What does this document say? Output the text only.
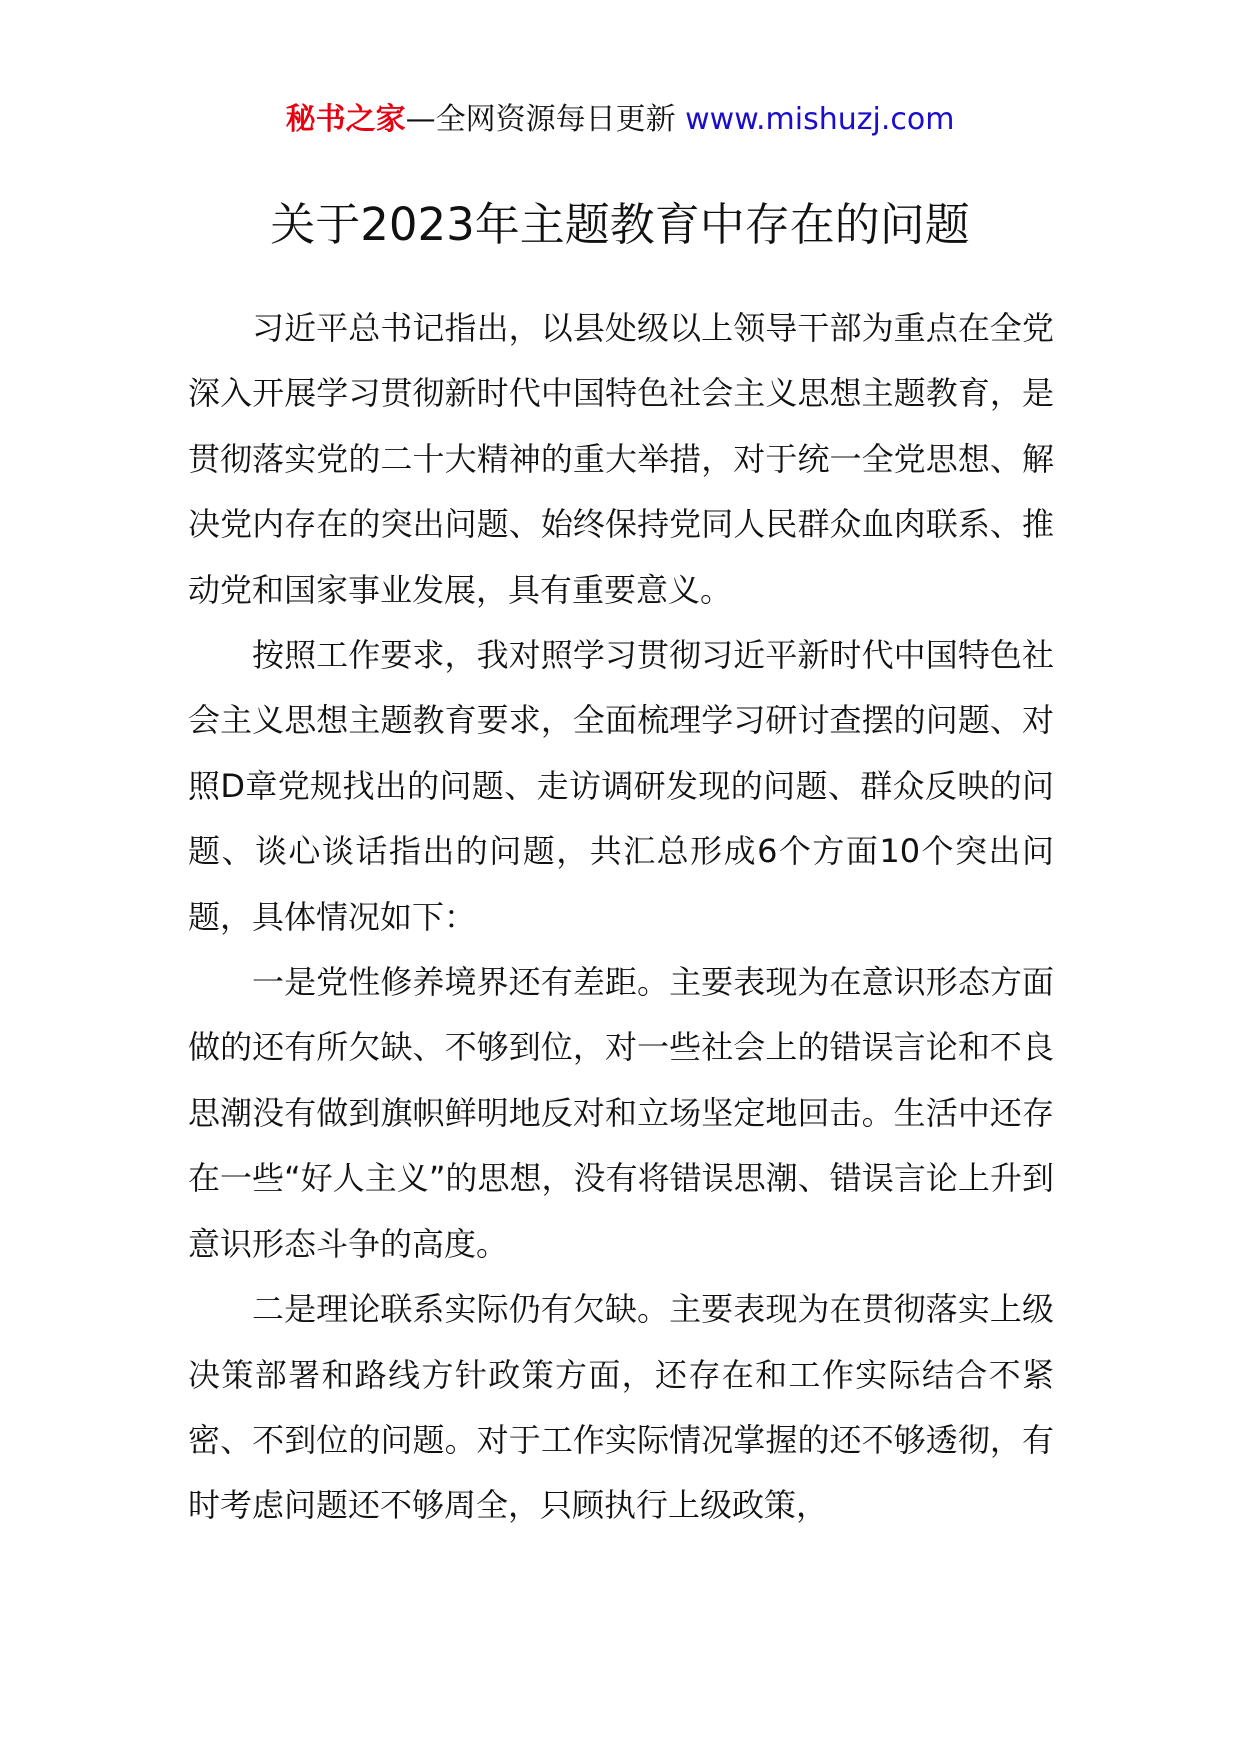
秘书之家—全网资源每日更新 www.mishuzj.com
关于2023年主题教育中存在的问题

习近平总书记指出，以县处级以上领导干部为重点在全党深入开展学习贯彻新时代中国特色社会主义思想主题教育，是贯彻落实党的二十大精神的重大举措，对于统一全党思想、解决党内存在的突出问题、始终保持党同人民群众血肉联系、推动党和国家事业发展，具有重要意义。

按照工作要求，我对照学习贯彻习近平新时代中国特色社会主义思想主题教育要求，全面梳理学习研讨查摆的问题、对照D章党规找出的问题、走访调研发现的问题、群众反映的问题、谈心谈话指出的问题，共汇总形成6个方面10个突出问题，具体情况如下：

一是党性修养境界还有差距。主要表现为在意识形态方面做的还有所欠缺、不够到位，对一些社会上的错误言论和不良思潮没有做到旗帜鲜明地反对和立场坚定地回击。生活中还存在一些“好人主义”的思想，没有将错误思潮、错误言论上升到意识形态斗争的高度。

二是理论联系实际仍有欠缺。主要表现为在贯彻落实上级决策部署和路线方针政策方面，还存在和工作实际结合不紧密、不到位的问题。对于工作实际情况掌握的还不够透彻，有时考虑问题还不够周全，只顾执行上级政策，
